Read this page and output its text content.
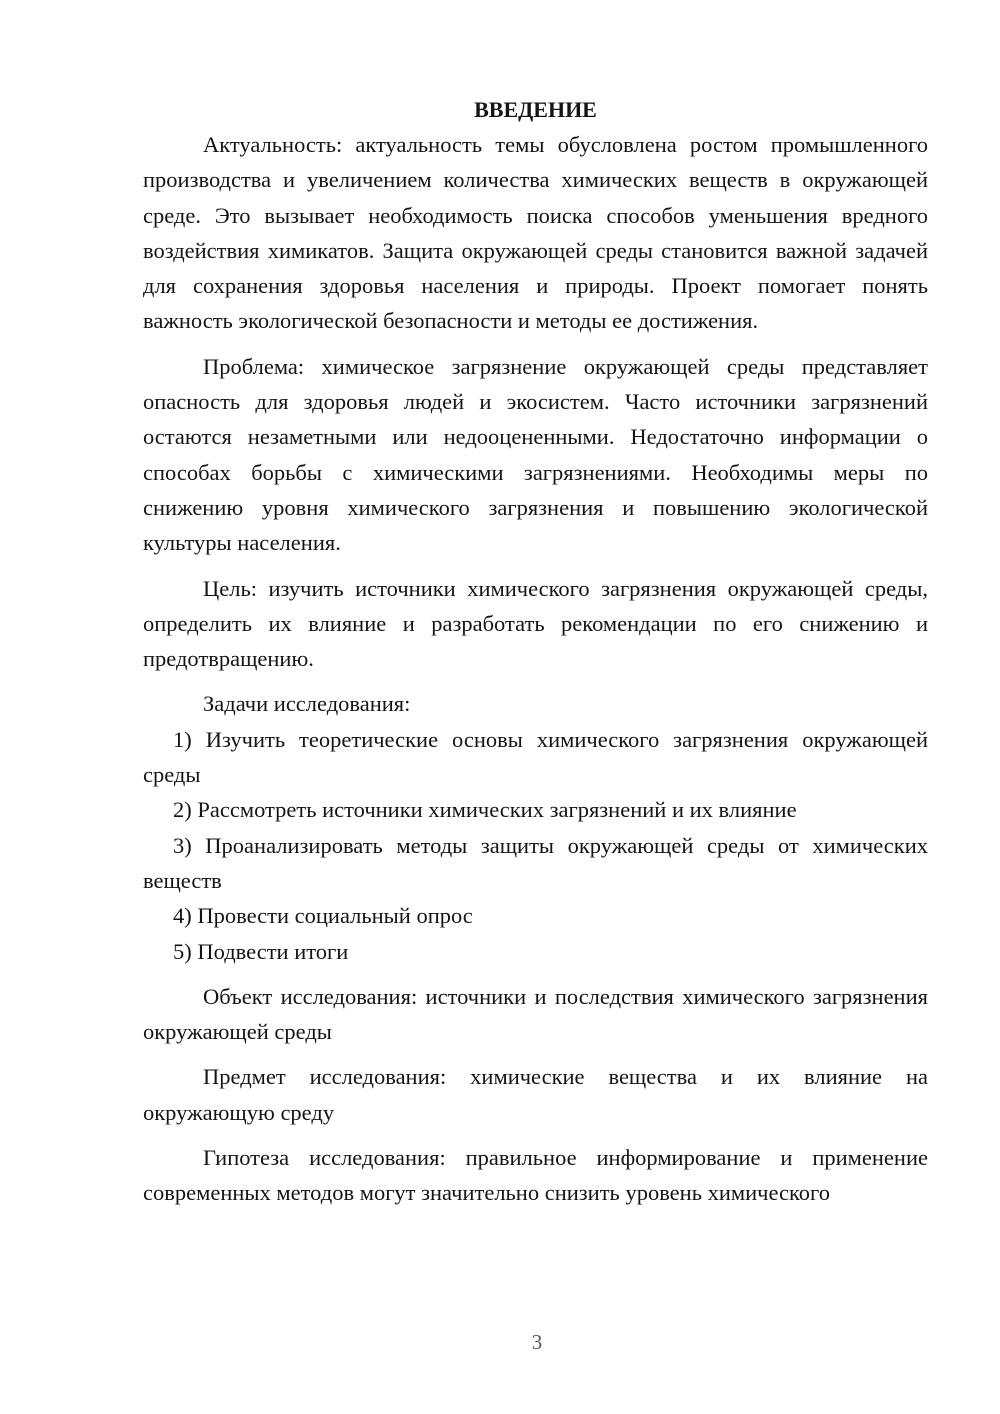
ВВЕДЕНИЕ

Актуальность: актуальность темы обусловлена ростом промышленного производства и увеличением количества химических веществ в окружающей среде. Это вызывает необходимость поиска способов уменьшения вредного воздействия химикатов. Защита окружающей среды становится важной задачей для сохранения здоровья населения и природы. Проект помогает понять важность экологической безопасности и методы ее достижения.

Проблема: химическое загрязнение окружающей среды представляет опасность для здоровья людей и экосистем. Часто источники загрязнений остаются незаметными или недооцененными. Недостаточно информации о способах борьбы с химическими загрязнениями. Необходимы меры по снижению уровня химического загрязнения и повышению экологической культуры населения.

Цель: изучить источники химического загрязнения окружающей среды, определить их влияние и разработать рекомендации по его снижению и предотвращению.

Задачи исследования:

1) Изучить теоретические основы химического загрязнения окружающей среды

2) Рассмотреть источники химических загрязнений и их влияние

3) Проанализировать методы защиты окружающей среды от химических веществ

4) Провести социальный опрос

5) Подвести итоги

Объект исследования: источники и последствия химического загрязнения окружающей среды

Предмет исследования: химические вещества и их влияние на окружающую среду

Гипотеза исследования: правильное информирование и применение современных методов могут значительно снизить уровень химического

3
